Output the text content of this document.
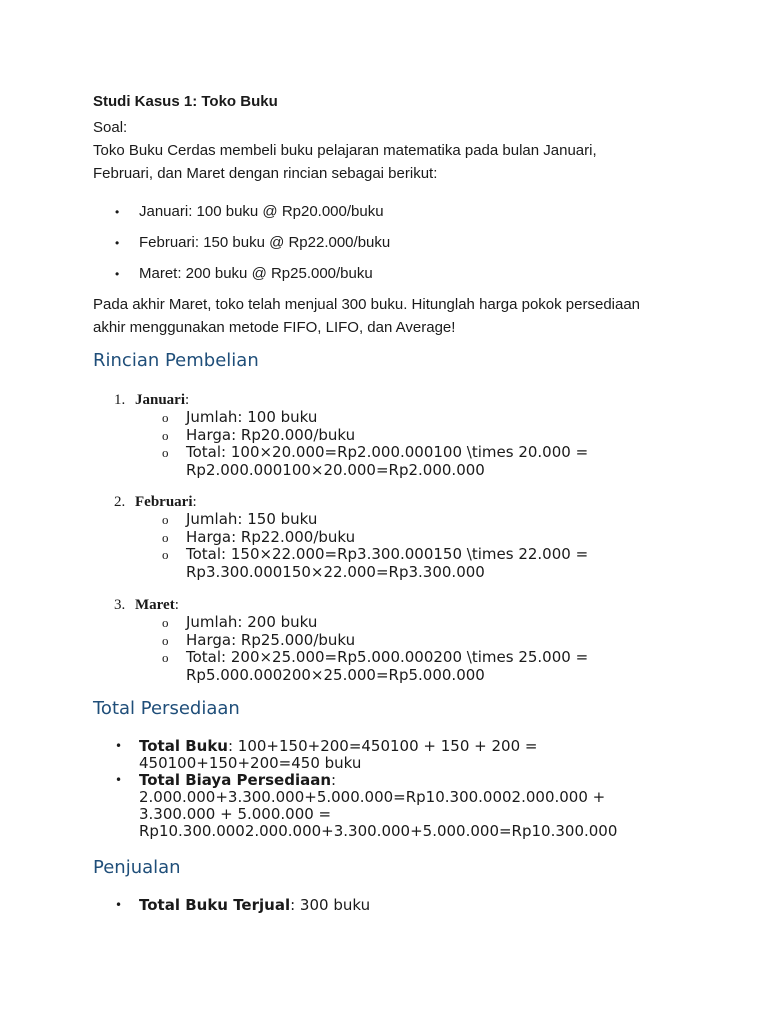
Studi Kasus 1: Toko Buku
Soal:
Toko Buku Cerdas membeli buku pelajaran matematika pada bulan Januari,
Februari, dan Maret dengan rincian sebagai berikut:
• Januari: 100 buku @ Rp20.000/buku
• Februari: 150 buku @ Rp22.000/buku
• Maret: 200 buku @ Rp25.000/buku
Pada akhir Maret, toko telah menjual 300 buku. Hitunglah harga pokok persediaan
akhir menggunakan metode FIFO, LIFO, dan Average!
Rincian Pembelian
1. Januari:
o Jumlah: 100 buku
o Harga: Rp20.000/buku
o Total: 100×20.000=Rp2.000.000100 \times 20.000 =
Rp2.000.000100×20.000=Rp2.000.000
2. Februari:
o Jumlah: 150 buku
o Harga: Rp22.000/buku
o Total: 150×22.000=Rp3.300.000150 \times 22.000 =
Rp3.300.000150×22.000=Rp3.300.000
3. Maret:
o Jumlah: 200 buku
o Harga: Rp25.000/buku
o Total: 200×25.000=Rp5.000.000200 \times 25.000 =
Rp5.000.000200×25.000=Rp5.000.000
Total Persediaan
• Total Buku: 100+150+200=450100 + 150 + 200 =
450100+150+200=450 buku
• Total Biaya Persediaan:
2.000.000+3.300.000+5.000.000=Rp10.300.0002.000.000 +
3.300.000 + 5.000.000 =
Rp10.300.0002.000.000+3.300.000+5.000.000=Rp10.300.000
Penjualan
• Total Buku Terjual: 300 buku
